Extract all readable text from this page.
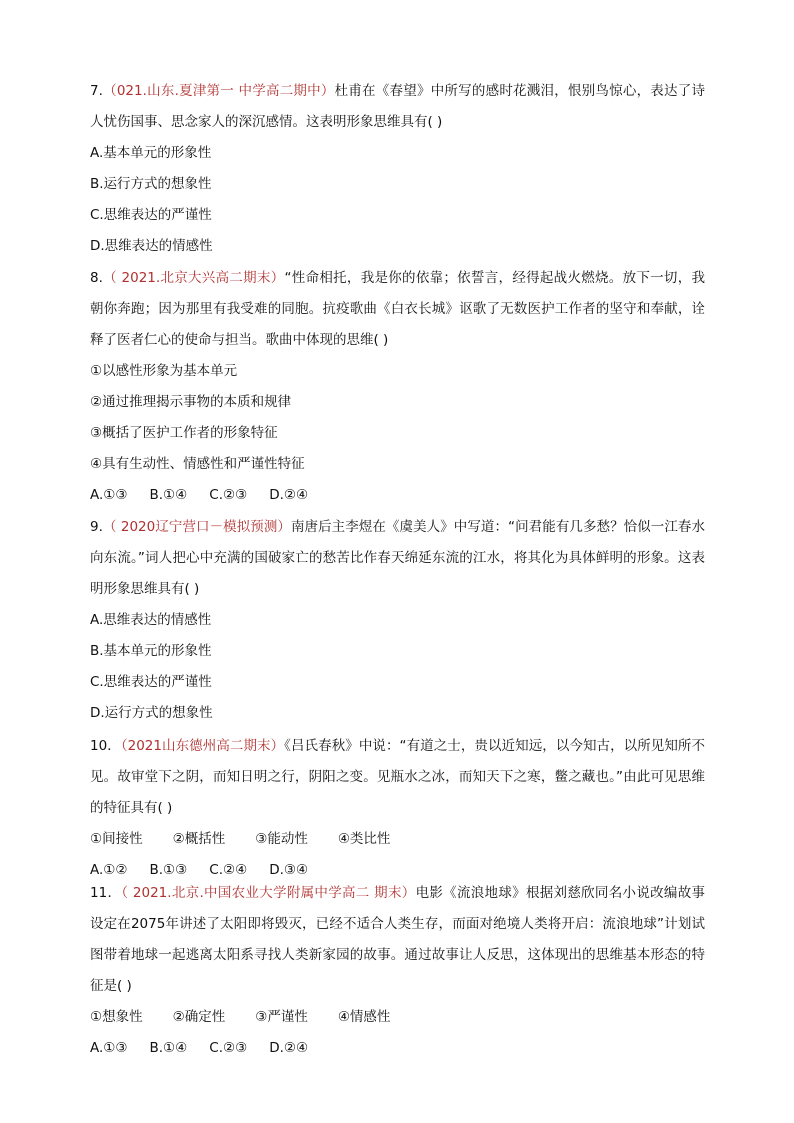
7.（021.山东.夏津第一 中学高二期中）杜甫在《春望》中所写的感时花溅泪，恨别鸟惊心，表达了诗人忧伤国事、思念家人的深沉感情。这表明形象思维具有( )

A.基本单元的形象性

B.运行方式的想象性

C.思维表达的严谨性

D.思维表达的情感性

8.（ 2021.北京大兴高二期末）“性命相托，我是你的依靠；依誓言，经得起战火燃烧。放下一切，我朝你奔跑；因为那里有我受难的同胞。抗疫歌曲《白衣长城》讴歌了无数医护工作者的坚守和奉献，诠释了医者仁心的使命与担当。歌曲中体现的思维( )

①以感性形象为基本单元

②通过推理揭示事物的本质和规律

③概括了医护工作者的形象特征

④具有生动性、情感性和严谨性特征

A.①③ B.①④ C.②③ D.②④

9.（ 2020辽宁营口－模拟预测）南唐后主李煜在《虞美人》中写道：“问君能有几多愁？恰似一江春水向东流。”词人把心中充满的国破家亡的愁苦比作春天绵延东流的江水，将其化为具体鲜明的形象。这表明形象思维具有( )

A.思维表达的情感性

B.基本单元的形象性

C.思维表达的严谨性

D.运行方式的想象性

10．（2021山东德州高二期末）《吕氏春秋》中说：“有道之士，贵以近知远，以今知古，以所见知所不见。故审堂下之阴，而知日明之行，阴阳之变。见瓶水之冰，而知天下之寒，鳖之藏也。”由此可见思维的特征具有( )

①间接性 ②概括性 ③能动性 ④类比性

A.①② B.①③ C.②④ D.③④

11．（ 2021.北京.中国农业大学附属中学高二 期末）电影《流浪地球》根据刘慈欣同名小说改编故事设定在2075年讲述了太阳即将毁灭，已经不适合人类生存，而面对绝境人类将开启：流浪地球”计划试图带着地球一起逃离太阳系寻找人类新家园的故事。通过故事让人反思，这体现出的思维基本形态的特征是( )

①想象性 ②确定性 ③严谨性 ④情感性

A.①③ B.①④ C.②③ D.②④
